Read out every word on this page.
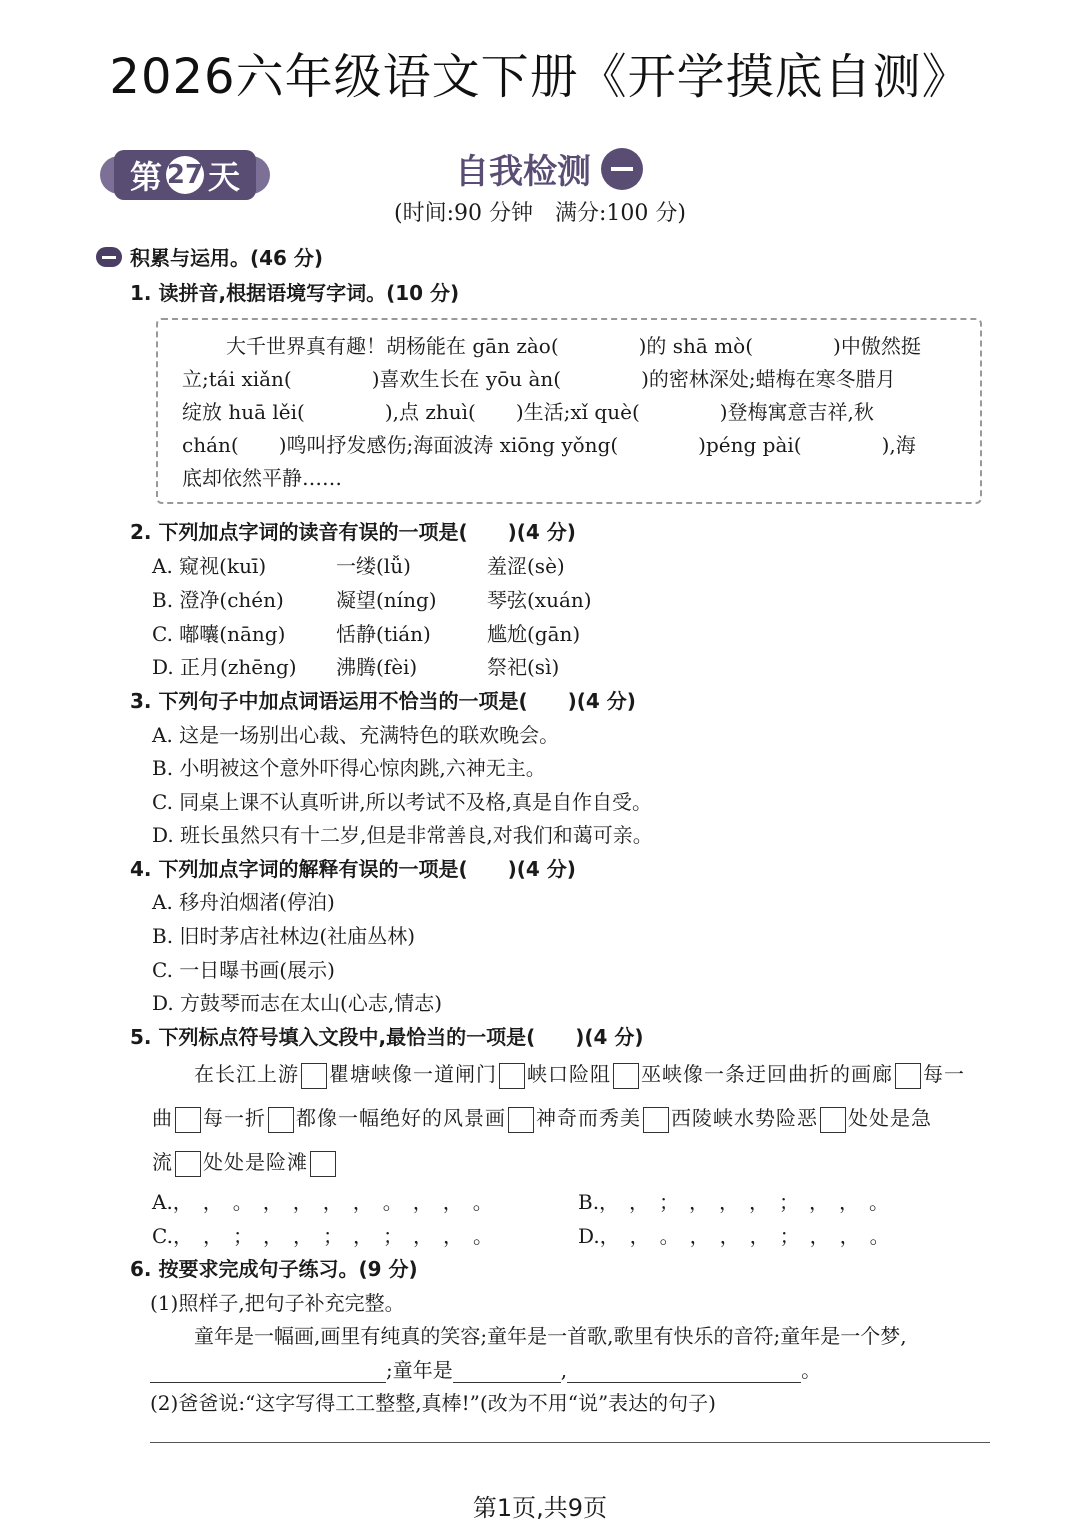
2026六年级语文下册《开学摸底自测》
第 27 天	自我检测
(时间:90 分钟　满分:100 分)
积累与运用。(46 分)
1. 读拼音,根据语境写字词。(10 分)
大千世界真有趣！胡杨能在 gān zào(　　　　)的 shā mò(　　　　)中傲然挺
立;tái xiǎn(　　　　)喜欢生长在 yōu àn(　　　　)的密林深处;蜡梅在寒冬腊月
绽放 huā lěi(　　　　),点 zhuì(　　)生活;xǐ què(　　　　)登梅寓意吉祥,秋
chán(　　)鸣叫抒发感伤;海面波涛 xiōng yǒng(　　　　)péng pài(　　　　),海
底却依然平静……
2. 下列加点字词的读音有误的一项是(　　)(4 分)
A. 窥视(kuī)	一缕(lǚ)	羞涩(sè)
B. 澄净(chén)	凝望(níng)	琴弦(xuán)
C. 嘟囔(nāng)	恬静(tián)	尴尬(gān)
D. 正月(zhēng) 沸腾(fèi)	祭祀(sì)
3. 下列句子中加点词语运用不恰当的一项是(　　)(4 分)
A. 这是一场别出心裁、充满特色的联欢晚会。
B. 小明被这个意外吓得心惊肉跳,六神无主。
C. 同桌上课不认真听讲,所以考试不及格,真是自作自受。
D. 班长虽然只有十二岁,但是非常善良,对我们和蔼可亲。
4. 下列加点字词的解释有误的一项是(　　)(4 分)
A. 移舟泊烟渚(停泊)
B. 旧时茅店社林边(社庙丛林)
C. 一日曝书画(展示)
D. 方鼓琴而志在太山(心志,情志)
5. 下列标点符号填入文段中,最恰当的一项是(　　)(4 分)
在长江上游 瞿塘峡像一道闸门 峡口险阻 巫峡像一条迂回曲折的画廊 每一
曲 每一折 都像一幅绝好的风景画 神奇而秀美 西陵峡水势险恶 处处是急
流 处处是险滩
A.，　，　。　，　，　，　，　。　，　，　。	B.，　，　；　，　，　，　；　，　，　。
C.，　，　；　，　，　；　，　；　，　，　。	D.，　，　。　，　，　，　；　，　，　。
6. 按要求完成句子练习。(9 分)
(1)照样子,把句子补充完整。
童年是一幅画,画里有纯真的笑容;童年是一首歌,歌里有快乐的音符;童年是一个梦,
;童年是	,	。
(2)爸爸说:“这字写得工工整整,真棒!”(改为不用“说”表达的句子)
第1页,共9页
